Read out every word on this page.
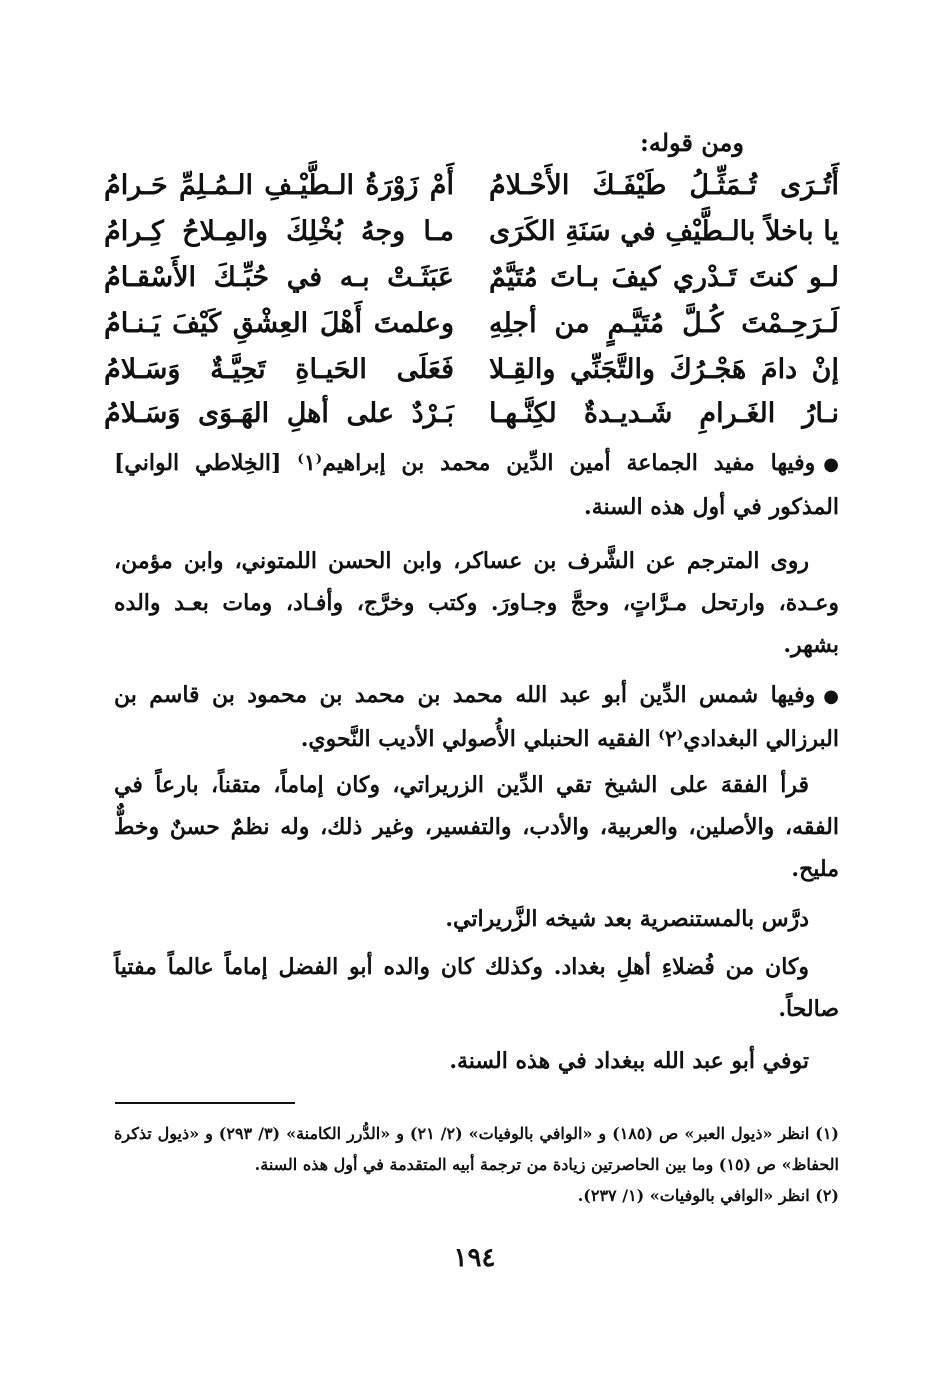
ومن قوله:
أَتُـرَى تُـمَثِّـلُ طَيْفَـكَ الأَحْـلامُ
أَمْ زَوْرَةُ الـطَّيْـفِ الـمُـلِمِّ حَـرامُ
يا باخلاً بالـطَّيْفِ في سَنَةِ الكَرَى
مـا وجهُ بُخْلِكَ والمِـلاحُ كِـرامُ
لـو كنتَ تَـدْري كيفَ بـاتَ مُتَيَّمٌ
عَبَثَـتْ بـه في حُبِّـكَ الأَسْقـامُ
لَـرَحِـمْتَ كُـلَّ مُتَيَّـمٍ من أجلِهِ
وعلمتَ أَهْلَ العِشْقِ كَيْفَ يَـنـامُ
إنْ دامَ هَجْـرُكَ والتَّجَنِّي والقِـلا
فَعَلَى الحَيـاةِ تَحِيَّـةٌ وَسَـلامُ
نـارُ الغَـرامِ شَـديـدةٌ لكِنَّـهـا
بَـرْدٌ على أهلِ الهَـوَى وَسَـلامُ
●وفيها مفيد الجماعة أمين الدِّين محمد بن إبراهيم⁽١⁾ [الخِلاطي الواني] المذكور في أول هذه السنة.
روى المترجم عن الشَّرف بن عساكر، وابن الحسن اللمتوني، وابن مؤمن، وعـدة، وارتحل مـرَّاتٍ، وحجَّ وجـاورَ. وكتب وخرَّج، وأفـاد، ومات بعـد والده بشهر.
●وفيها شمس الدِّين أبو عبد الله محمد بن محمد بن محمود بن قاسم بن البرزالي البغدادي⁽٢⁾ الفقيه الحنبلي الأُصولي الأديب النَّحوي.
قرأ الفقهَ على الشيخ تقي الدِّين الزريراتي، وكان إماماً، متقناً، بارعاً في الفقه، والأصلين، والعربية، والأدب، والتفسير، وغير ذلك، وله نظمٌ حسنٌ وخطٌّ مليح.
درَّس بالمستنصرية بعد شيخه الزَّريراتي.
وكان من فُضلاءِ أهلِ بغداد. وكذلك كان والده أبو الفضل إماماً عالماً مفتياً صالحاً.
توفي أبو عبد الله ببغداد في هذه السنة.
(١) انظر «ذيول العبر» ص (١٨٥) و «الوافي بالوفيات» (٢/ ٢١) و «الدُّرر الكامنة» (٣/ ٢٩٣) و «ذيول تذكرة الحفاظ» ص (١٥) وما بين الحاصرتين زيادة من ترجمة أبيه المتقدمة في أول هذه السنة.
(٢) انظر «الوافي بالوفيات» (١/ ٢٣٧).
١٩٤
